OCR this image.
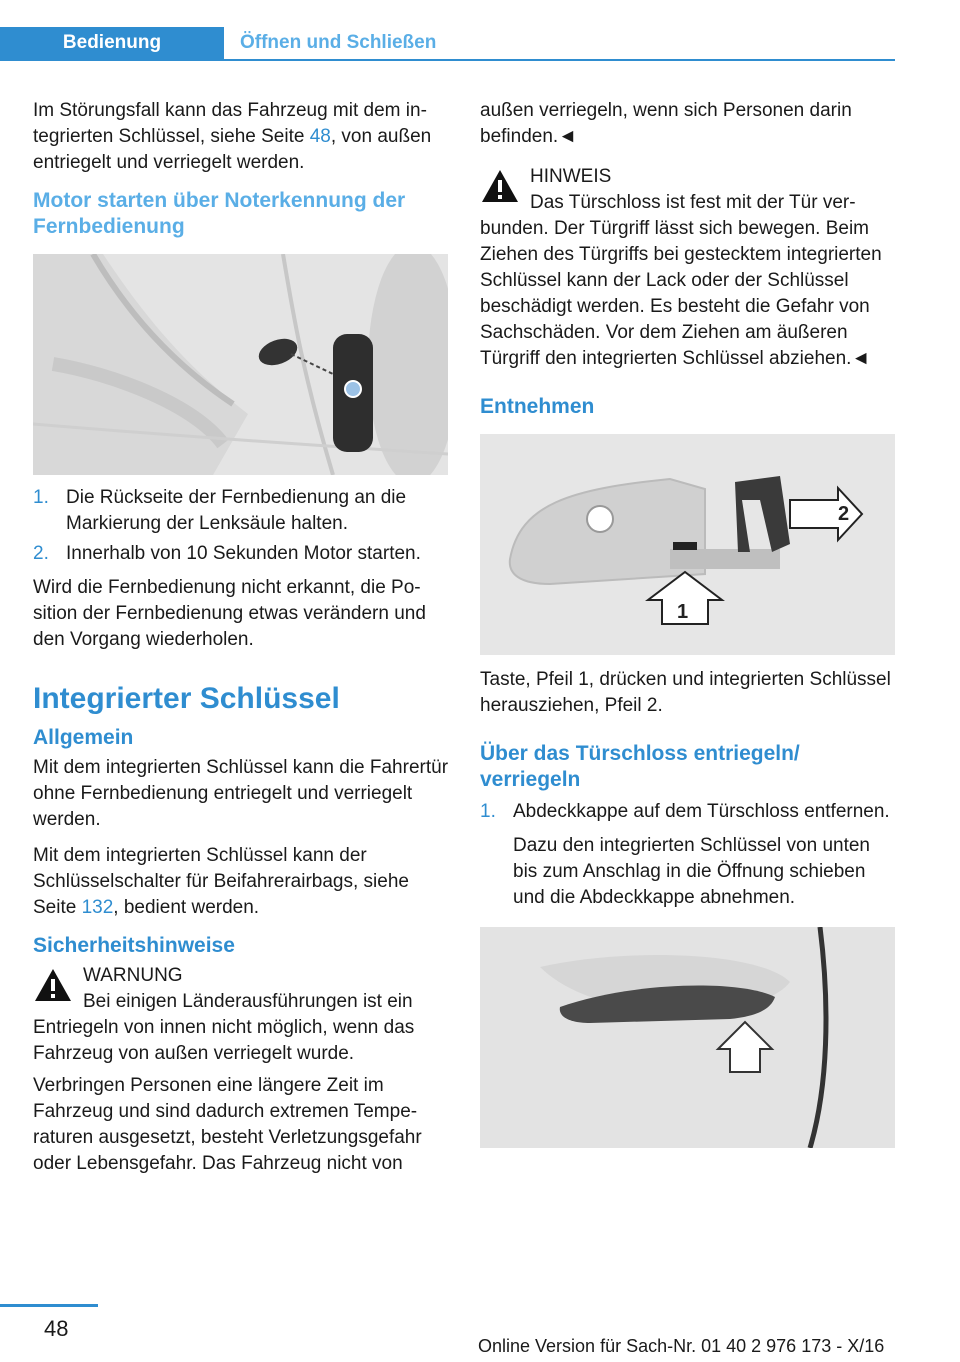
Bedienung	Öffnen und Schließen

Im Störungsfall kann das Fahrzeug mit dem integrierten Schlüssel, siehe Seite 48, von außen entriegelt und verriegelt werden.

Motor starten über Noterkennung der Fernbedienung
1. Die Rückseite der Fernbedienung an die Markierung der Lenksäule halten.
2. Innerhalb von 10 Sekunden Motor starten.

Wird die Fernbedienung nicht erkannt, die Position der Fernbedienung etwas verändern und den Vorgang wiederholen.

Integrierter Schlüssel
Allgemein

Mit dem integrierten Schlüssel kann die Fahrertür ohne Fernbedienung entriegelt und verriegelt werden.

Mit dem integrierten Schlüssel kann der Schlüsselschalter für Beifahrerairbags, siehe Seite 132, bedient werden.

Sicherheitshinweise
WARNUNG
Bei einigen Länderausführungen ist ein Entriegeln von innen nicht möglich, wenn das Fahrzeug von außen verriegelt wurde.

Verbringen Personen eine längere Zeit im Fahrzeug und sind dadurch extremen Temperaturen ausgesetzt, besteht Verletzungsgefahr oder Lebensgefahr. Das Fahrzeug nicht von

außen verriegeln, wenn sich Personen darin befinden.◄

HINWEIS
Das Türschloss ist fest mit der Tür verbunden. Der Türgriff lässt sich bewegen. Beim Ziehen des Türgriffs bei gestecktem integrierten Schlüssel kann der Lack oder der Schlüssel beschädigt werden. Es besteht die Gefahr von Sachschäden. Vor dem Ziehen am äußeren Türgriff den integrierten Schlüssel abziehen.◄
Entnehmen
2
1

Taste, Pfeil 1, drücken und integrierten Schlüssel herausziehen, Pfeil 2.

Über das Türschloss entriegeln/ verriegeln
1. Abdeckkappe auf dem Türschloss entfernen.
Dazu den integrierten Schlüssel von unten bis zum Anschlag in die Öffnung schieben und die Abdeckkappe abnehmen.
48
Online Version für Sach-Nr. 01 40 2 976 173 - X/16
